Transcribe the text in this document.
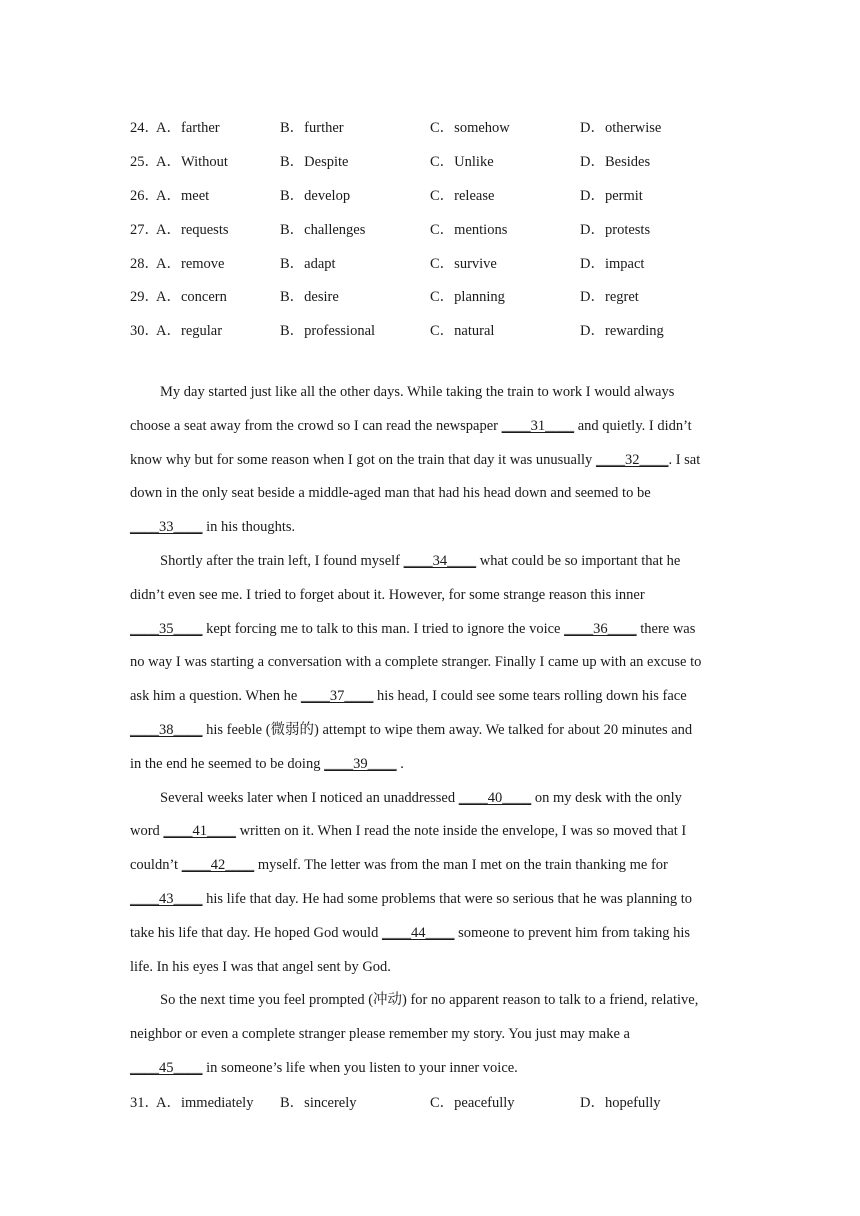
24．
A ． farther	B ． further	C ． somehow	D ． otherwise
25．
A ． Without	B ． Despite	C ． Unlike	D ． Besides
26．
A ． meet	B ． develop	C ． release	D ． permit
27．
A ． requests	B ． challenges	C ． mentions	D ． protests
28．
A ． remove	B ． adapt	C ． survive	D ． impact
29．
A ． concern	B ． desire	C ． planning	D ． regret
30．
A ． regular	B ． professional	C ． natural	D ． rewarding
My day started just like all the other days. While taking the train to work I would always
choose a seat away from the crowd so I can read the newspaper ____31____ and quietly. I didn’t
know why but for some reason when I got on the train that day it was unusually ____32____. I sat
down in the only seat beside a middle-aged man that had his head down and seemed to be
____33____ in his thoughts.
Shortly after the train left, I found myself ____34____ what could be so important that he
didn’t even see me. I tried to forget about it. However, for some strange reason this inner
____35____ kept forcing me to talk to this man. I tried to ignore the voice ____36____ there was
no way I was starting a conversation with a complete stranger. Finally I came up with an excuse to
ask him a question. When he ____37____ his head, I could see some tears rolling down his face
____38____ his feeble (微弱的) attempt to wipe them away. We talked for about 20 minutes and
in the end he seemed to be doing ____39____ .
Several weeks later when I noticed an unaddressed ____40____ on my desk with the only
word ____41____ written on it. When I read the note inside the envelope, I was so moved that I
couldn’t ____42____ myself. The letter was from the man I met on the train thanking me for
____43____ his life that day. He had some problems that were so serious that he was planning to
take his life that day. He hoped God would ____44____ someone to prevent him from taking his
life. In his eyes I was that angel sent by God.
So the next time you feel prompted (冲动) for no apparent reason to talk to a friend, relative,
neighbor or even a complete stranger please remember my story. You just may make a
____45____ in someone’s life when you listen to your inner voice.
31．
A ． immediately	B ． sincerely	C ． peacefully	D ． hopefully
